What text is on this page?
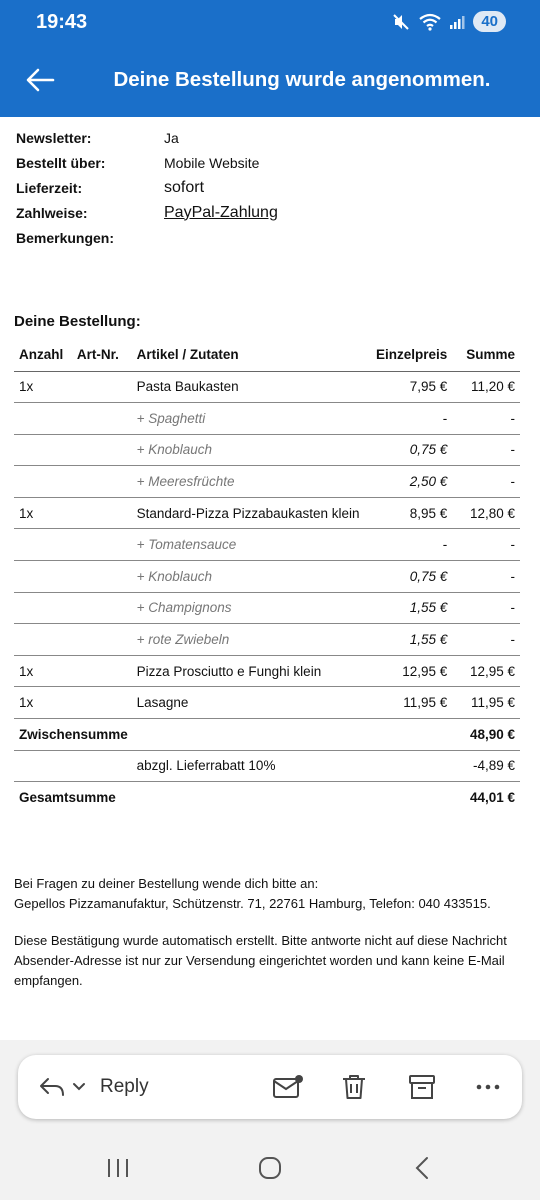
19:43	40
Deine Bestellung wurde angenommen.
Newsletter:	Ja
Bestellt über:	Mobile Website
Lieferzeit:	sofort
Zahlweise:	PayPal-Zahlung
Bemerkungen:
Deine Bestellung:
Anzahl	Art-Nr.	Artikel / Zutaten	Einzelpreis	Summe
1x		Pasta Baukasten	7,95 €	11,20 €
		+ Spaghetti	-	-
		+ Knoblauch	0,75 €	-
		+ Meeresfrüchte	2,50 €	-
1x		Standard-Pizza Pizzabaukasten klein	8,95 €	12,80 €
		+ Tomatensauce	-	-
		+ Knoblauch	0,75 €	-
		+ Champignons	1,55 €	-
		+ rote Zwiebeln	1,55 €	-
1x		Pizza Prosciutto e Funghi klein	12,95 €	12,95 €
1x		Lasagne	11,95 €	11,95 €
Zwischensumme				48,90 €
		abzgl. Lieferrabatt 10%		-4,89 €
Gesamtsumme				44,01 €
Bei Fragen zu deiner Bestellung wende dich bitte an:
Gepellos Pizzamanufaktur, Schützenstr. 71, 22761 Hamburg, Telefon: 040 433515.
Diese Bestätigung wurde automatisch erstellt. Bitte antworte nicht auf diese Nachricht
Absender-Adresse ist nur zur Versendung eingerichtet worden und kann keine E-Mail
empfangen.
Reply
